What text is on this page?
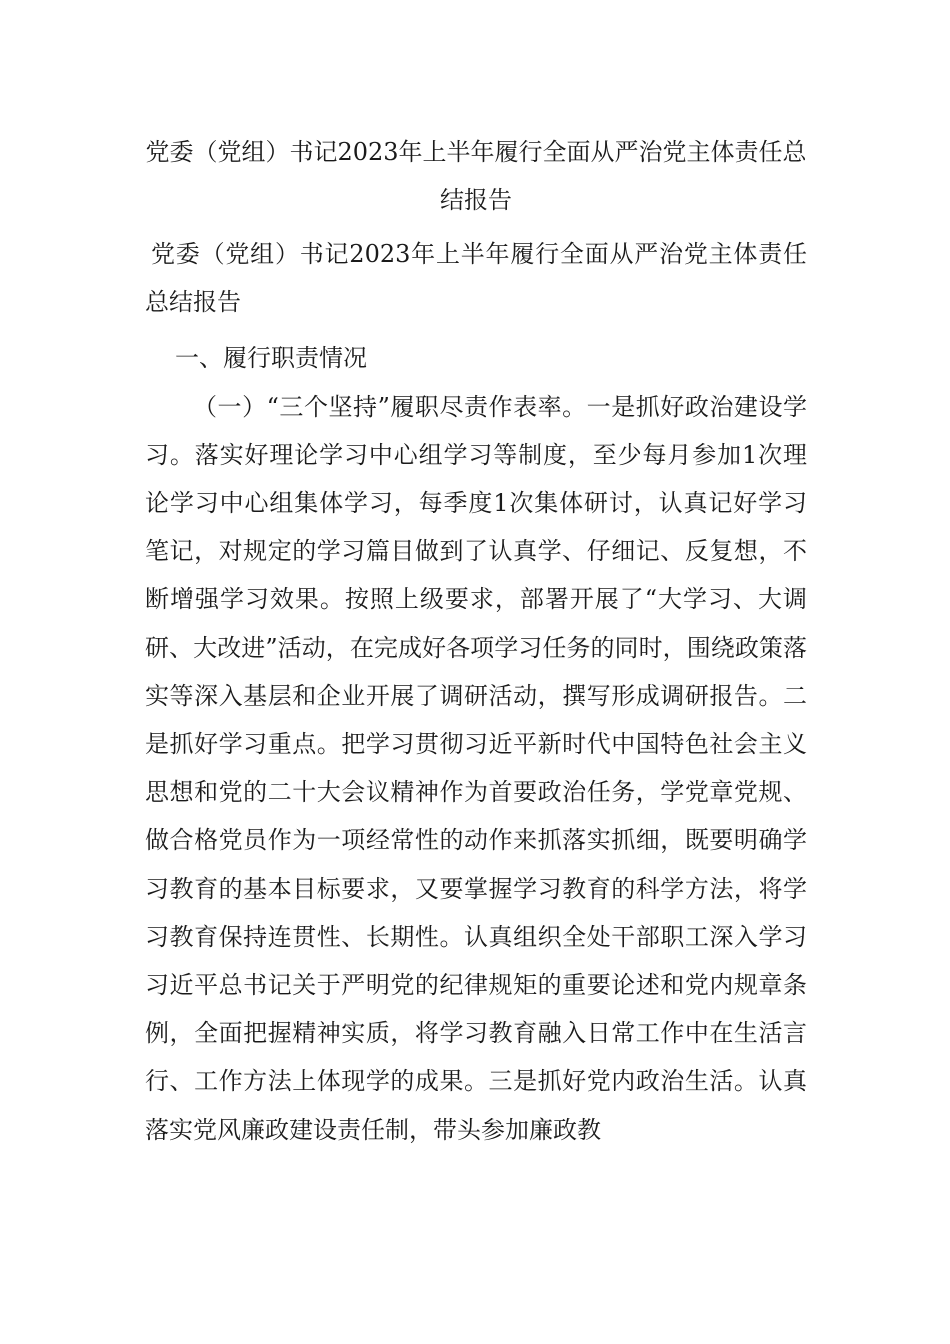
党委（党组）书记2023年上半年履行全面从严治党主体责任总结报告

党委（党组）书记2023年上半年履行全面从严治党主体责任总结报告

一、履行职责情况

（一）“三个坚持”履职尽责作表率。一是抓好政治建设学习。落实好理论学习中心组学习等制度，至少每月参加1次理论学习中心组集体学习，每季度1次集体研讨，认真记好学习笔记，对规定的学习篇目做到了认真学、仔细记、反复想，不断增强学习效果。按照上级要求，部署开展了“大学习、大调研、大改进”活动，在完成好各项学习任务的同时，围绕政策落实等深入基层和企业开展了调研活动，撰写形成调研报告。二是抓好学习重点。把学习贯彻习近平新时代中国特色社会主义思想和党的二十大会议精神作为首要政治任务，学党章党规、做合格党员作为一项经常性的动作来抓落实抓细，既要明确学习教育的基本目标要求，又要掌握学习教育的科学方法，将学习教育保持连贯性、长期性。认真组织全处干部职工深入学习习近平总书记关于严明党的纪律规矩的重要论述和党内规章条例，全面把握精神实质，将学习教育融入日常工作中在生活言行、工作方法上体现学的成果。三是抓好党内政治生活。认真落实党风廉政建设责任制，带头参加廉政教
